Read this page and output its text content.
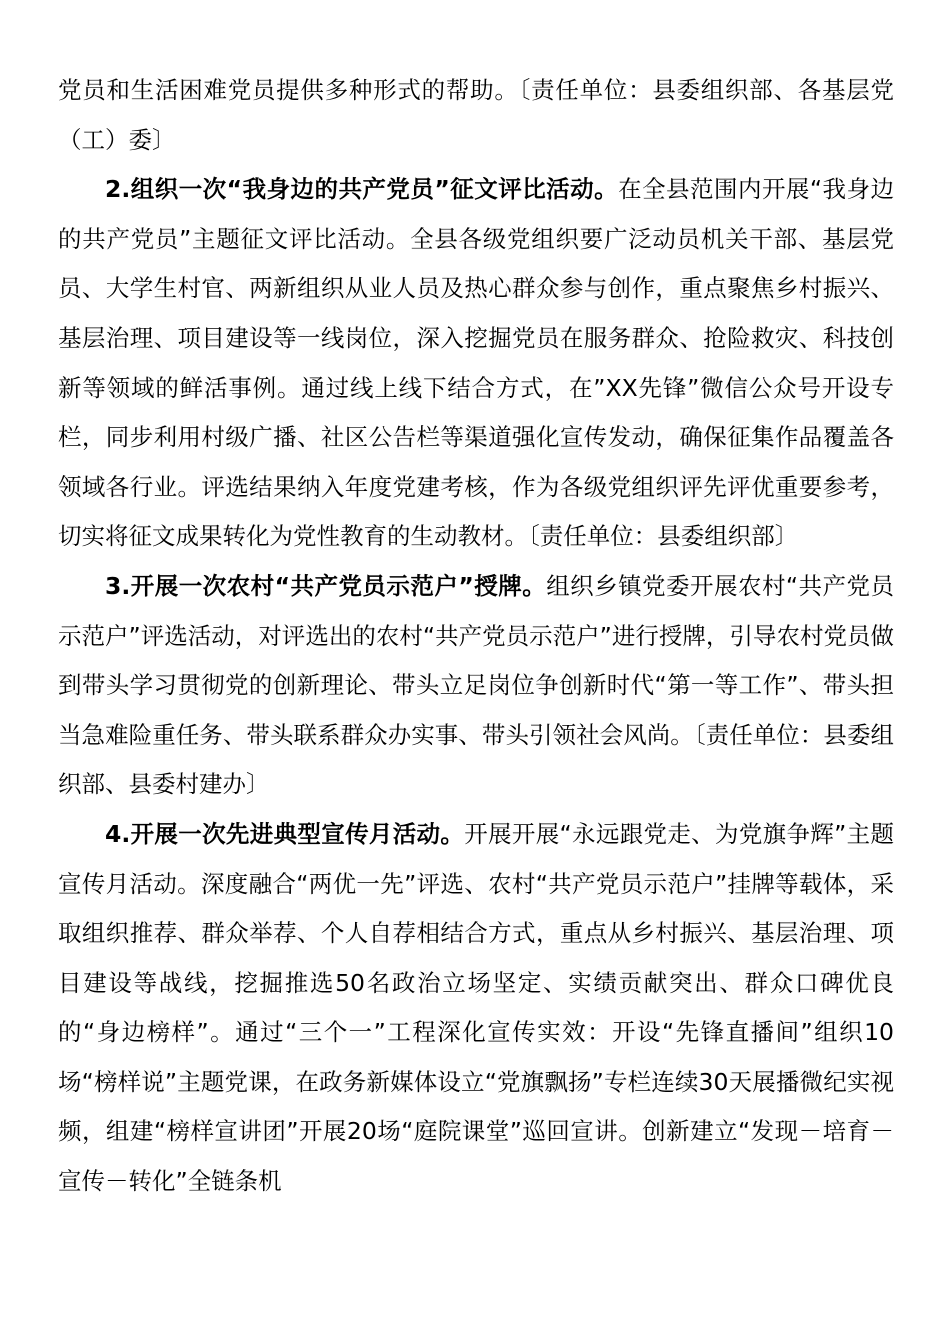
党员和生活困难党员提供多种形式的帮助。〔责任单位：县委组织部、各基层党（工）委〕

2.组织一次“我身边的共产党员”征文评比活动。在全县范围内开展“我身边的共产党员”主题征文评比活动。全县各级党组织要广泛动员机关干部、基层党员、大学生村官、两新组织从业人员及热心群众参与创作，重点聚焦乡村振兴、基层治理、项目建设等一线岗位，深入挖掘党员在服务群众、抢险救灾、科技创新等领域的鲜活事例。通过线上线下结合方式，在”XX先锋”微信公众号开设专栏，同步利用村级广播、社区公告栏等渠道强化宣传发动，确保征集作品覆盖各领域各行业。评选结果纳入年度党建考核，作为各级党组织评先评优重要参考，切实将征文成果转化为党性教育的生动教材。〔责任单位：县委组织部〕

3.开展一次农村“共产党员示范户”授牌。组织乡镇党委开展农村“共产党员示范户”评选活动，对评选出的农村“共产党员示范户”进行授牌，引导农村党员做到带头学习贯彻党的创新理论、带头立足岗位争创新时代“第一等工作”、带头担当急难险重任务、带头联系群众办实事、带头引领社会风尚。〔责任单位：县委组织部、县委村建办〕

4.开展一次先进典型宣传月活动。开展开展“永远跟党走、为党旗争辉”主题宣传月活动。深度融合“两优一先”评选、农村“共产党员示范户”挂牌等载体，采取组织推荐、群众举荐、个人自荐相结合方式，重点从乡村振兴、基层治理、项目建设等战线，挖掘推选50名政治立场坚定、实绩贡献突出、群众口碑优良的“身边榜样”。通过“三个一”工程深化宣传实效：开设“先锋直播间”组织10场“榜样说”主题党课，在政务新媒体设立“党旗飘扬”专栏连续30天展播微纪实视频，组建“榜样宣讲团”开展20场“庭院课堂”巡回宣讲。创新建立“发现－培育－宣传－转化”全链条机
